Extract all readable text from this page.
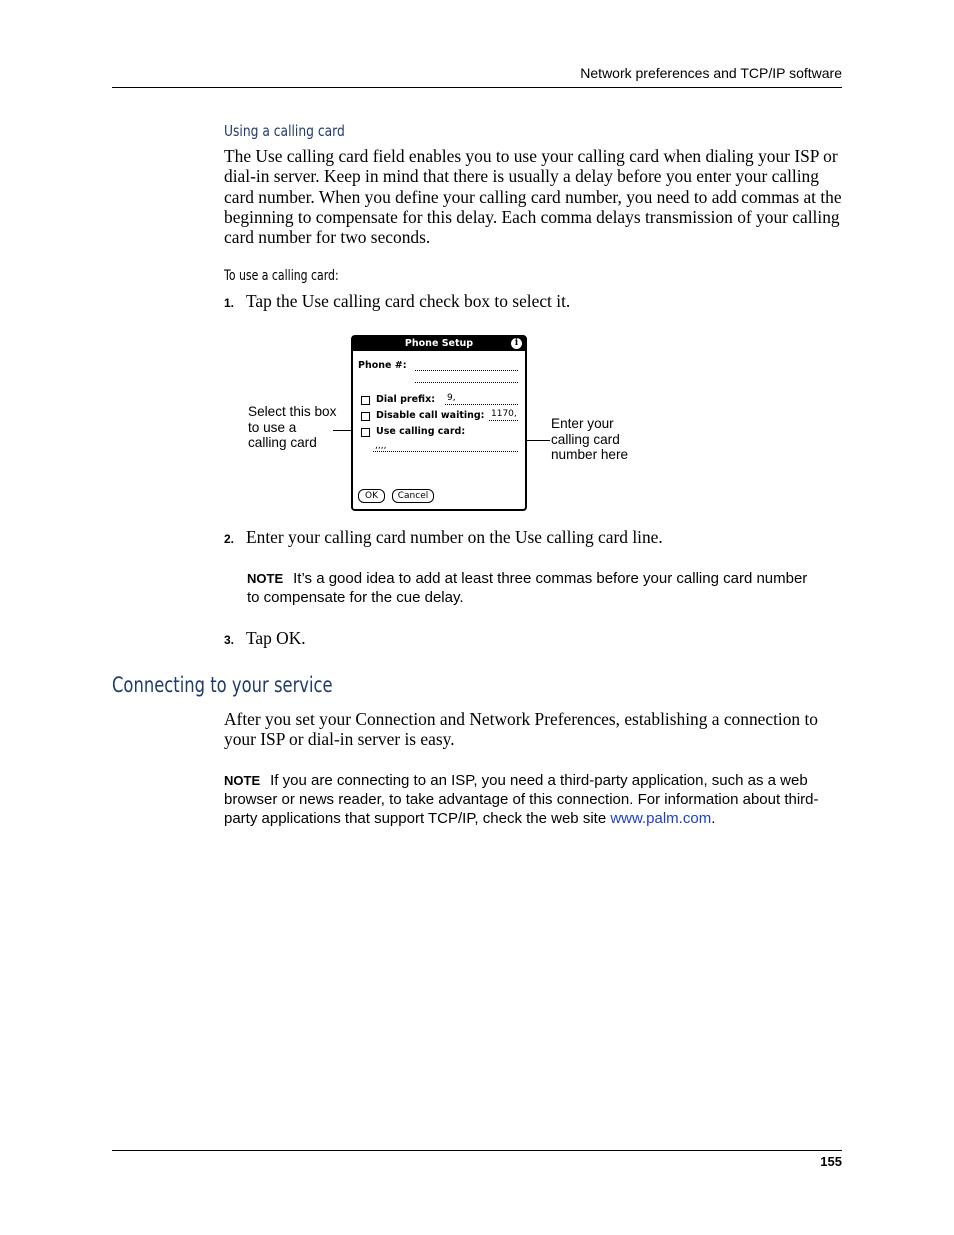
Network preferences and TCP/IP software
Using a calling card
The Use calling card field enables you to use your calling card when dialing your ISP or dial-in server. Keep in mind that there is usually a delay before you enter your calling card number. When you define your calling card number, you need to add commas at the beginning to compensate for this delay. Each comma delays transmission of your calling card number for two seconds.
To use a calling card:
1. Tap the Use calling card check box to select it.
Select this box to use a calling card
Enter your calling card number here
Phone Setup	i
Phone #:
Dial prefix: 9,
Disable call waiting: 1170,
Use calling card:
,,,,
OK	Cancel
2. Enter your calling card number on the Use calling card line.
NOTE It’s a good idea to add at least three commas before your calling card number to compensate for the cue delay.
3. Tap OK.
Connecting to your service
After you set your Connection and Network Preferences, establishing a connection to your ISP or dial-in server is easy.
NOTE If you are connecting to an ISP, you need a third-party application, such as a web browser or news reader, to take advantage of this connection. For information about third-party applications that support TCP/IP, check the web site www.palm.com.
155
